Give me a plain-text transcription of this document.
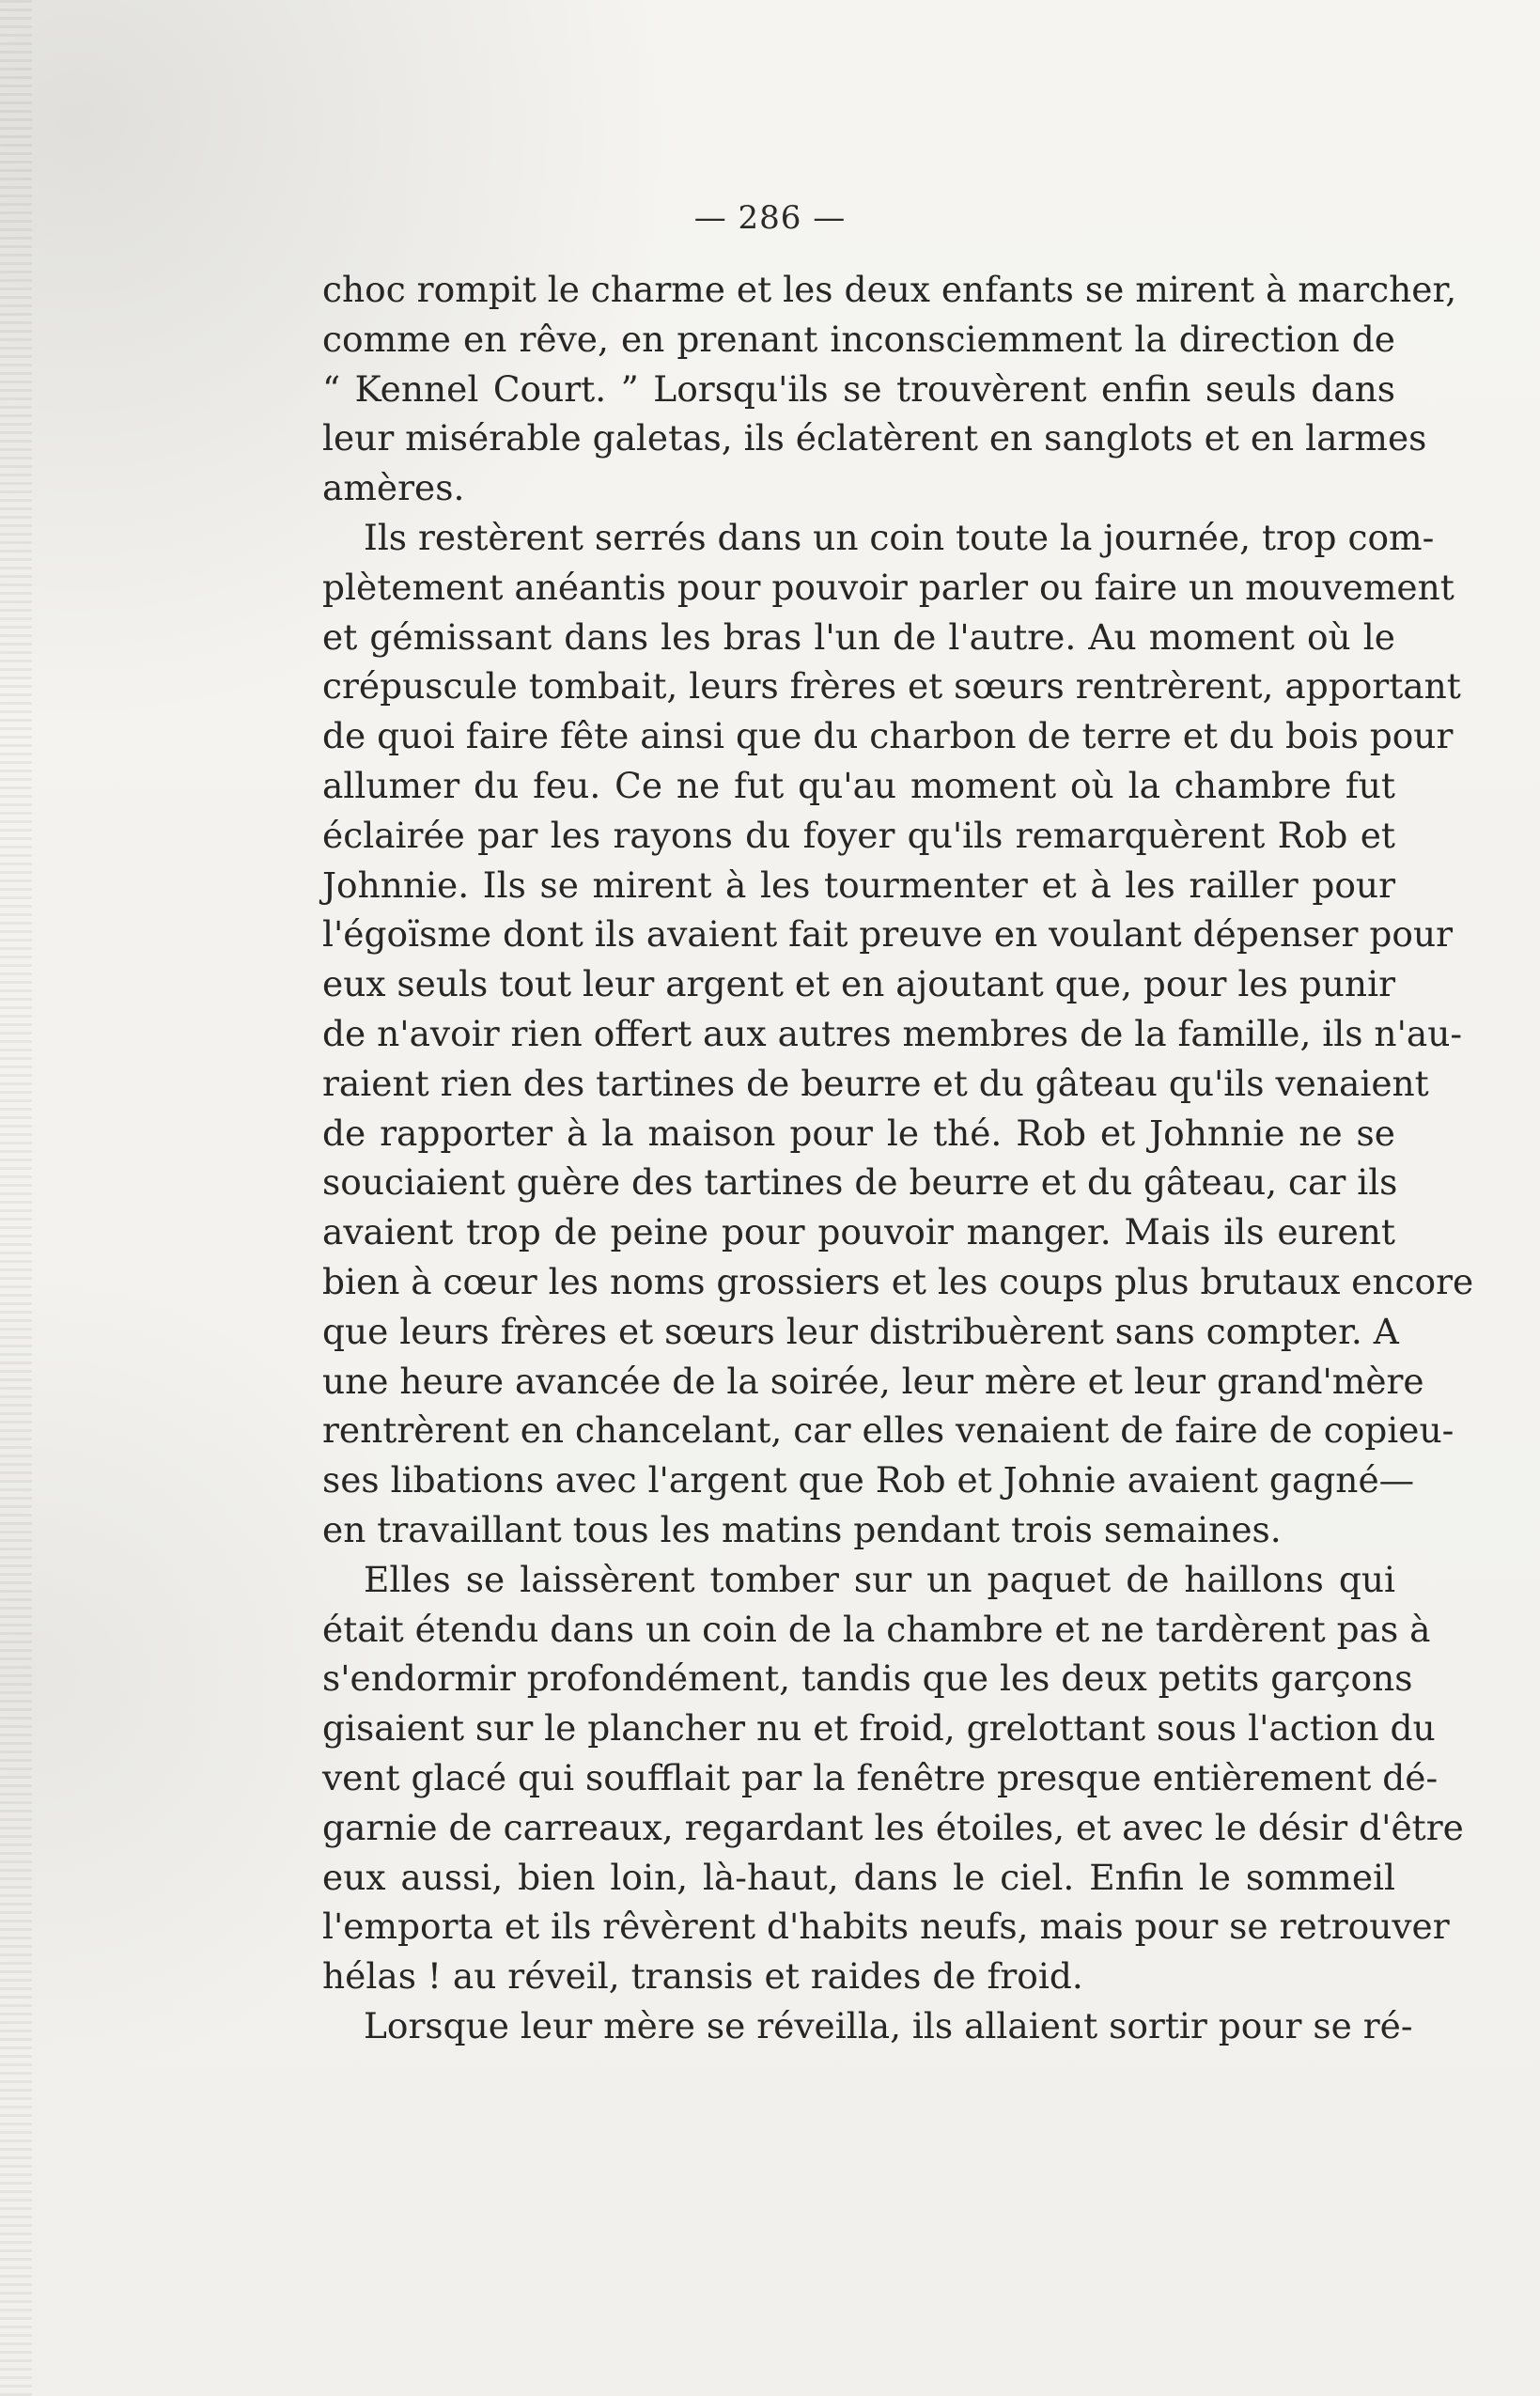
— 286 —
choc rompit le charme et les deux enfants se mirent à marcher,
comme en rêve, en prenant inconsciemment la direction de
“ Kennel Court. ” Lorsqu'ils se trouvèrent enfin seuls dans
leur misérable galetas, ils éclatèrent en sanglots et en larmes
amères.
Ils restèrent serrés dans un coin toute la journée, trop com-
plètement anéantis pour pouvoir parler ou faire un mouvement
et gémissant dans les bras l'un de l'autre. Au moment où le
crépuscule tombait, leurs frères et sœurs rentrèrent, apportant
de quoi faire fête ainsi que du charbon de terre et du bois pour
allumer du feu. Ce ne fut qu'au moment où la chambre fut
éclairée par les rayons du foyer qu'ils remarquèrent Rob et
Johnnie. Ils se mirent à les tourmenter et à les railler pour
l'égoïsme dont ils avaient fait preuve en voulant dépenser pour
eux seuls tout leur argent et en ajoutant que, pour les punir
de n'avoir rien offert aux autres membres de la famille, ils n'au-
raient rien des tartines de beurre et du gâteau qu'ils venaient
de rapporter à la maison pour le thé. Rob et Johnnie ne se
souciaient guère des tartines de beurre et du gâteau, car ils
avaient trop de peine pour pouvoir manger. Mais ils eurent
bien à cœur les noms grossiers et les coups plus brutaux encore
que leurs frères et sœurs leur distribuèrent sans compter. A
une heure avancée de la soirée, leur mère et leur grand'mère
rentrèrent en chancelant, car elles venaient de faire de copieu-
ses libations avec l'argent que Rob et Johnie avaient gagné—
en travaillant tous les matins pendant trois semaines.
Elles se laissèrent tomber sur un paquet de haillons qui
était étendu dans un coin de la chambre et ne tardèrent pas à
s'endormir profondément, tandis que les deux petits garçons
gisaient sur le plancher nu et froid, grelottant sous l'action du
vent glacé qui soufflait par la fenêtre presque entièrement dé-
garnie de carreaux, regardant les étoiles, et avec le désir d'être
eux aussi, bien loin, là-haut, dans le ciel. Enfin le sommeil
l'emporta et ils rêvèrent d'habits neufs, mais pour se retrouver
hélas ! au réveil, transis et raides de froid.
Lorsque leur mère se réveilla, ils allaient sortir pour se ré-
